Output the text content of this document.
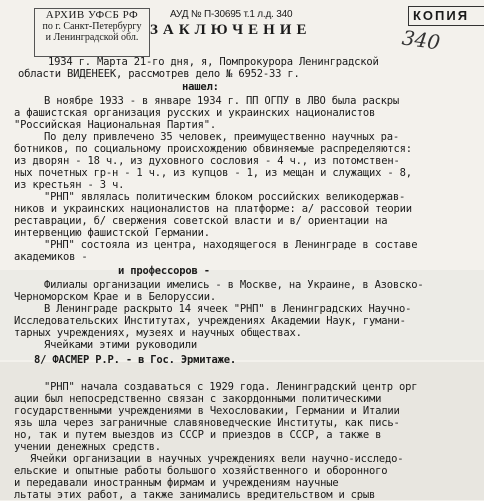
АРХИВ УФСБ РФ
по г. Санкт-Петербургу
и Ленинградской обл.
АУД № П-30695 т.1 л.д. 340
ЗАКЛЮЧЕНИЕ
КОПИЯ
340
1934 г. Марта 21-го дня, я, Помпрокурора Ленинградской
области ВИДЕНЕЕК, рассмотрев дело № 6952-33 г.
нашел:
В ноябре 1933 - в январе 1934 г. ПП ОГПУ в ЛВО была раскры
а фашистская организация русских и украинских националистов
"Российская Национальная Партия".
По делу привлечено 35 человек, преимущественно научных ра-
ботников, по социальному происхождению обвиняемые распределяются:
из дворян - 18 ч., из духовного сословия - 4 ч., из потомствен-
ных почетных гр-н - 1 ч., из купцов - 1, из мещан и служащих - 8,
из крестьян - 3 ч.
"РНП" являлась политическим блоком российских великодержав-
ников и украинских националистов на платформе: а/ рассовой теории
реставрации, б/ свержения советской власти и в/ ориентации на
интервенцию фашистской Германии.
"РНП" состояла из центра, находящегося в Ленинграде в составе
академиков -
и профессоров -
Филиалы организации имелись - в Москве, на Украине, в Азовско-
Черноморском Крае и в Белоруссии.
В Ленинграде раскрыто 14 ячеек "РНП" в Ленинградских Научно-
Исследовательских Институтах, учреждениях Академии Наук, гумани-
тарных учреждениях, музеях и научных обществах.
Ячейками этими руководили
8/ ФАСМЕР Р.Р. - в Гос. Эрмитаже.
"РНП" начала создаваться с 1929 года. Ленинградский центр орг
ации был непосредственно связан с закордонными политическими
государственными учреждениями в Чехословакии, Германии и Италии
язь шла через заграничные славяноведческие Институты, как пись-
но, так и путем выездов из СССР и приездов в СССР, а также в
учении денежных средств.
Ячейки организации в научных учреждениях вели научно-исследо-
ельские и опытные работы большого хозяйственного и оборонного
и передавали иностранным фирмам и учреждениям научные
льтаты этих работ, а также занимались вредительством и срыв
